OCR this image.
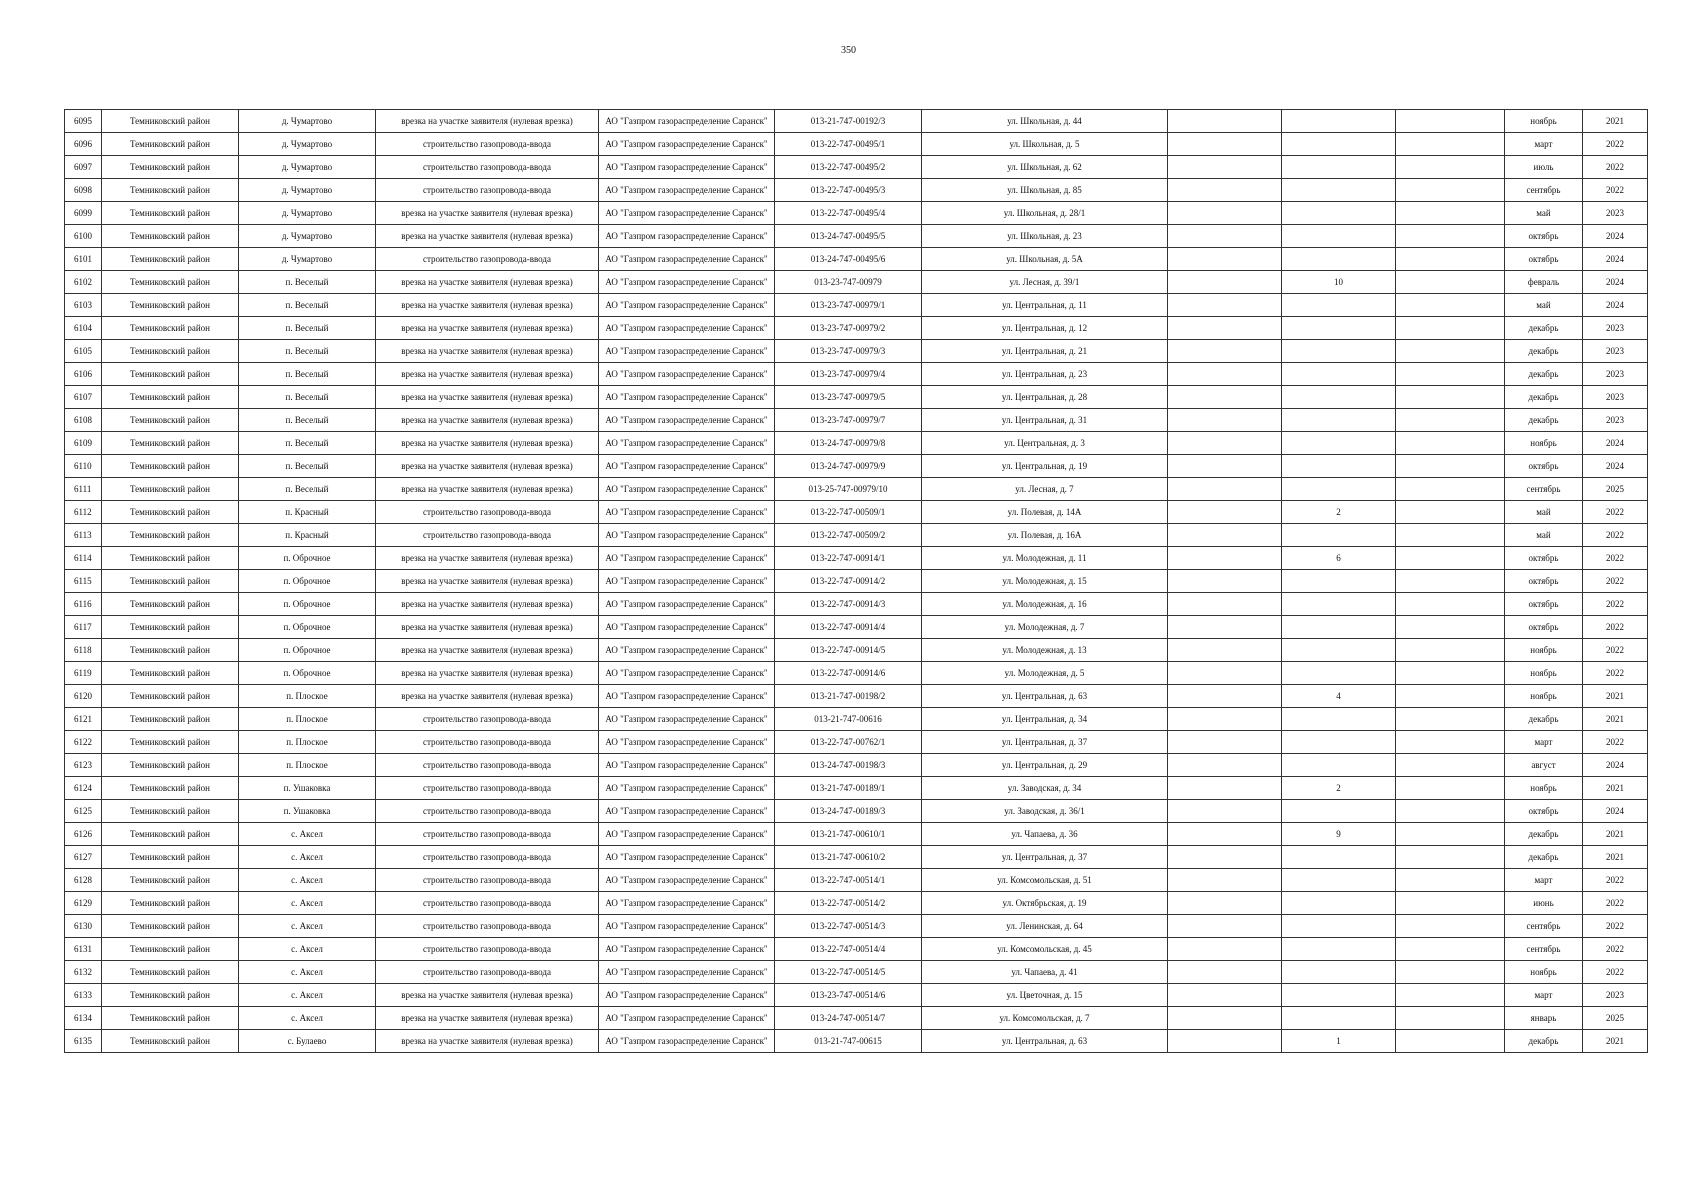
350
6095	Темниковский район	д. Чумартово	врезка на участке заявителя (нулевая врезка)	АО "Газпром газораспределение Саранск"	013-21-747-00192/3	ул. Школьная, д. 44				ноябрь	2021
6096	Темниковский район	д. Чумартово	строительство газопровода-ввода	АО "Газпром газораспределение Саранск"	013-22-747-00495/1	ул. Школьная, д. 5				март	2022
6097	Темниковский район	д. Чумартово	строительство газопровода-ввода	АО "Газпром газораспределение Саранск"	013-22-747-00495/2	ул. Школьная, д. 62				июль	2022
6098	Темниковский район	д. Чумартово	строительство газопровода-ввода	АО "Газпром газораспределение Саранск"	013-22-747-00495/3	ул. Школьная, д. 85				сентябрь	2022
6099	Темниковский район	д. Чумартово	врезка на участке заявителя (нулевая врезка)	АО "Газпром газораспределение Саранск"	013-22-747-00495/4	ул. Школьная, д. 28/1				май	2023
6100	Темниковский район	д. Чумартово	врезка на участке заявителя (нулевая врезка)	АО "Газпром газораспределение Саранск"	013-24-747-00495/5	ул. Школьная, д. 23				октябрь	2024
6101	Темниковский район	д. Чумартово	строительство газопровода-ввода	АО "Газпром газораспределение Саранск"	013-24-747-00495/6	ул. Школьная, д. 5А				октябрь	2024
6102	Темниковский район	п. Веселый	врезка на участке заявителя (нулевая врезка)	АО "Газпром газораспределение Саранск"	013-23-747-00979	ул. Лесная, д. 39/1		10		февраль	2024
6103	Темниковский район	п. Веселый	врезка на участке заявителя (нулевая врезка)	АО "Газпром газораспределение Саранск"	013-23-747-00979/1	ул. Центральная, д. 11				май	2024
6104	Темниковский район	п. Веселый	врезка на участке заявителя (нулевая врезка)	АО "Газпром газораспределение Саранск"	013-23-747-00979/2	ул. Центральная, д. 12				декабрь	2023
6105	Темниковский район	п. Веселый	врезка на участке заявителя (нулевая врезка)	АО "Газпром газораспределение Саранск"	013-23-747-00979/3	ул. Центральная, д. 21				декабрь	2023
6106	Темниковский район	п. Веселый	врезка на участке заявителя (нулевая врезка)	АО "Газпром газораспределение Саранск"	013-23-747-00979/4	ул. Центральная, д. 23				декабрь	2023
6107	Темниковский район	п. Веселый	врезка на участке заявителя (нулевая врезка)	АО "Газпром газораспределение Саранск"	013-23-747-00979/5	ул. Центральная, д. 28				декабрь	2023
6108	Темниковский район	п. Веселый	врезка на участке заявителя (нулевая врезка)	АО "Газпром газораспределение Саранск"	013-23-747-00979/7	ул. Центральная, д. 31				декабрь	2023
6109	Темниковский район	п. Веселый	врезка на участке заявителя (нулевая врезка)	АО "Газпром газораспределение Саранск"	013-24-747-00979/8	ул. Центральная, д. 3				ноябрь	2024
6110	Темниковский район	п. Веселый	врезка на участке заявителя (нулевая врезка)	АО "Газпром газораспределение Саранск"	013-24-747-00979/9	ул. Центральная, д. 19				октябрь	2024
6111	Темниковский район	п. Веселый	врезка на участке заявителя (нулевая врезка)	АО "Газпром газораспределение Саранск"	013-25-747-00979/10	ул. Лесная, д. 7				сентябрь	2025
6112	Темниковский район	п. Красный	строительство газопровода-ввода	АО "Газпром газораспределение Саранск"	013-22-747-00509/1	ул. Полевая, д. 14А		2		май	2022
6113	Темниковский район	п. Красный	строительство газопровода-ввода	АО "Газпром газораспределение Саранск"	013-22-747-00509/2	ул. Полевая, д. 16А				май	2022
6114	Темниковский район	п. Оброчное	врезка на участке заявителя (нулевая врезка)	АО "Газпром газораспределение Саранск"	013-22-747-00914/1	ул. Молодежная, д. 11		6		октябрь	2022
6115	Темниковский район	п. Оброчное	врезка на участке заявителя (нулевая врезка)	АО "Газпром газораспределение Саранск"	013-22-747-00914/2	ул. Молодежная, д. 15				октябрь	2022
6116	Темниковский район	п. Оброчное	врезка на участке заявителя (нулевая врезка)	АО "Газпром газораспределение Саранск"	013-22-747-00914/3	ул. Молодежная, д. 16				октябрь	2022
6117	Темниковский район	п. Оброчное	врезка на участке заявителя (нулевая врезка)	АО "Газпром газораспределение Саранск"	013-22-747-00914/4	ул. Молодежная, д. 7				октябрь	2022
6118	Темниковский район	п. Оброчное	врезка на участке заявителя (нулевая врезка)	АО "Газпром газораспределение Саранск"	013-22-747-00914/5	ул. Молодежная, д. 13				ноябрь	2022
6119	Темниковский район	п. Оброчное	врезка на участке заявителя (нулевая врезка)	АО "Газпром газораспределение Саранск"	013-22-747-00914/6	ул. Молодежная, д. 5				ноябрь	2022
6120	Темниковский район	п. Плоское	врезка на участке заявителя (нулевая врезка)	АО "Газпром газораспределение Саранск"	013-21-747-00198/2	ул. Центральная, д. 63		4		ноябрь	2021
6121	Темниковский район	п. Плоское	строительство газопровода-ввода	АО "Газпром газораспределение Саранск"	013-21-747-00616	ул. Центральная, д. 34				декабрь	2021
6122	Темниковский район	п. Плоское	строительство газопровода-ввода	АО "Газпром газораспределение Саранск"	013-22-747-00762/1	ул. Центральная, д. 37				март	2022
6123	Темниковский район	п. Плоское	строительство газопровода-ввода	АО "Газпром газораспределение Саранск"	013-24-747-00198/3	ул. Центральная, д. 29				август	2024
6124	Темниковский район	п. Ушаковка	строительство газопровода-ввода	АО "Газпром газораспределение Саранск"	013-21-747-00189/1	ул. Заводская, д. 34		2		ноябрь	2021
6125	Темниковский район	п. Ушаковка	строительство газопровода-ввода	АО "Газпром газораспределение Саранск"	013-24-747-00189/3	ул. Заводская, д. 36/1				октябрь	2024
6126	Темниковский район	с. Аксел	строительство газопровода-ввода	АО "Газпром газораспределение Саранск"	013-21-747-00610/1	ул. Чапаева, д. 36		9		декабрь	2021
6127	Темниковский район	с. Аксел	строительство газопровода-ввода	АО "Газпром газораспределение Саранск"	013-21-747-00610/2	ул. Центральная, д. 37				декабрь	2021
6128	Темниковский район	с. Аксел	строительство газопровода-ввода	АО "Газпром газораспределение Саранск"	013-22-747-00514/1	ул. Комсомольская, д. 51				март	2022
6129	Темниковский район	с. Аксел	строительство газопровода-ввода	АО "Газпром газораспределение Саранск"	013-22-747-00514/2	ул. Октябрьская, д. 19				июнь	2022
6130	Темниковский район	с. Аксел	строительство газопровода-ввода	АО "Газпром газораспределение Саранск"	013-22-747-00514/3	ул. Ленинская, д. 64				сентябрь	2022
6131	Темниковский район	с. Аксел	строительство газопровода-ввода	АО "Газпром газораспределение Саранск"	013-22-747-00514/4	ул. Комсомольская, д. 45				сентябрь	2022
6132	Темниковский район	с. Аксел	строительство газопровода-ввода	АО "Газпром газораспределение Саранск"	013-22-747-00514/5	ул. Чапаева, д. 41				ноябрь	2022
6133	Темниковский район	с. Аксел	врезка на участке заявителя (нулевая врезка)	АО "Газпром газораспределение Саранск"	013-23-747-00514/6	ул. Цветочная, д. 15				март	2023
6134	Темниковский район	с. Аксел	врезка на участке заявителя (нулевая врезка)	АО "Газпром газораспределение Саранск"	013-24-747-00514/7	ул. Комсомольская, д. 7				январь	2025
6135	Темниковский район	с. Булаево	врезка на участке заявителя (нулевая врезка)	АО "Газпром газораспределение Саранск"	013-21-747-00615	ул. Центральная, д. 63		1		декабрь	2021
